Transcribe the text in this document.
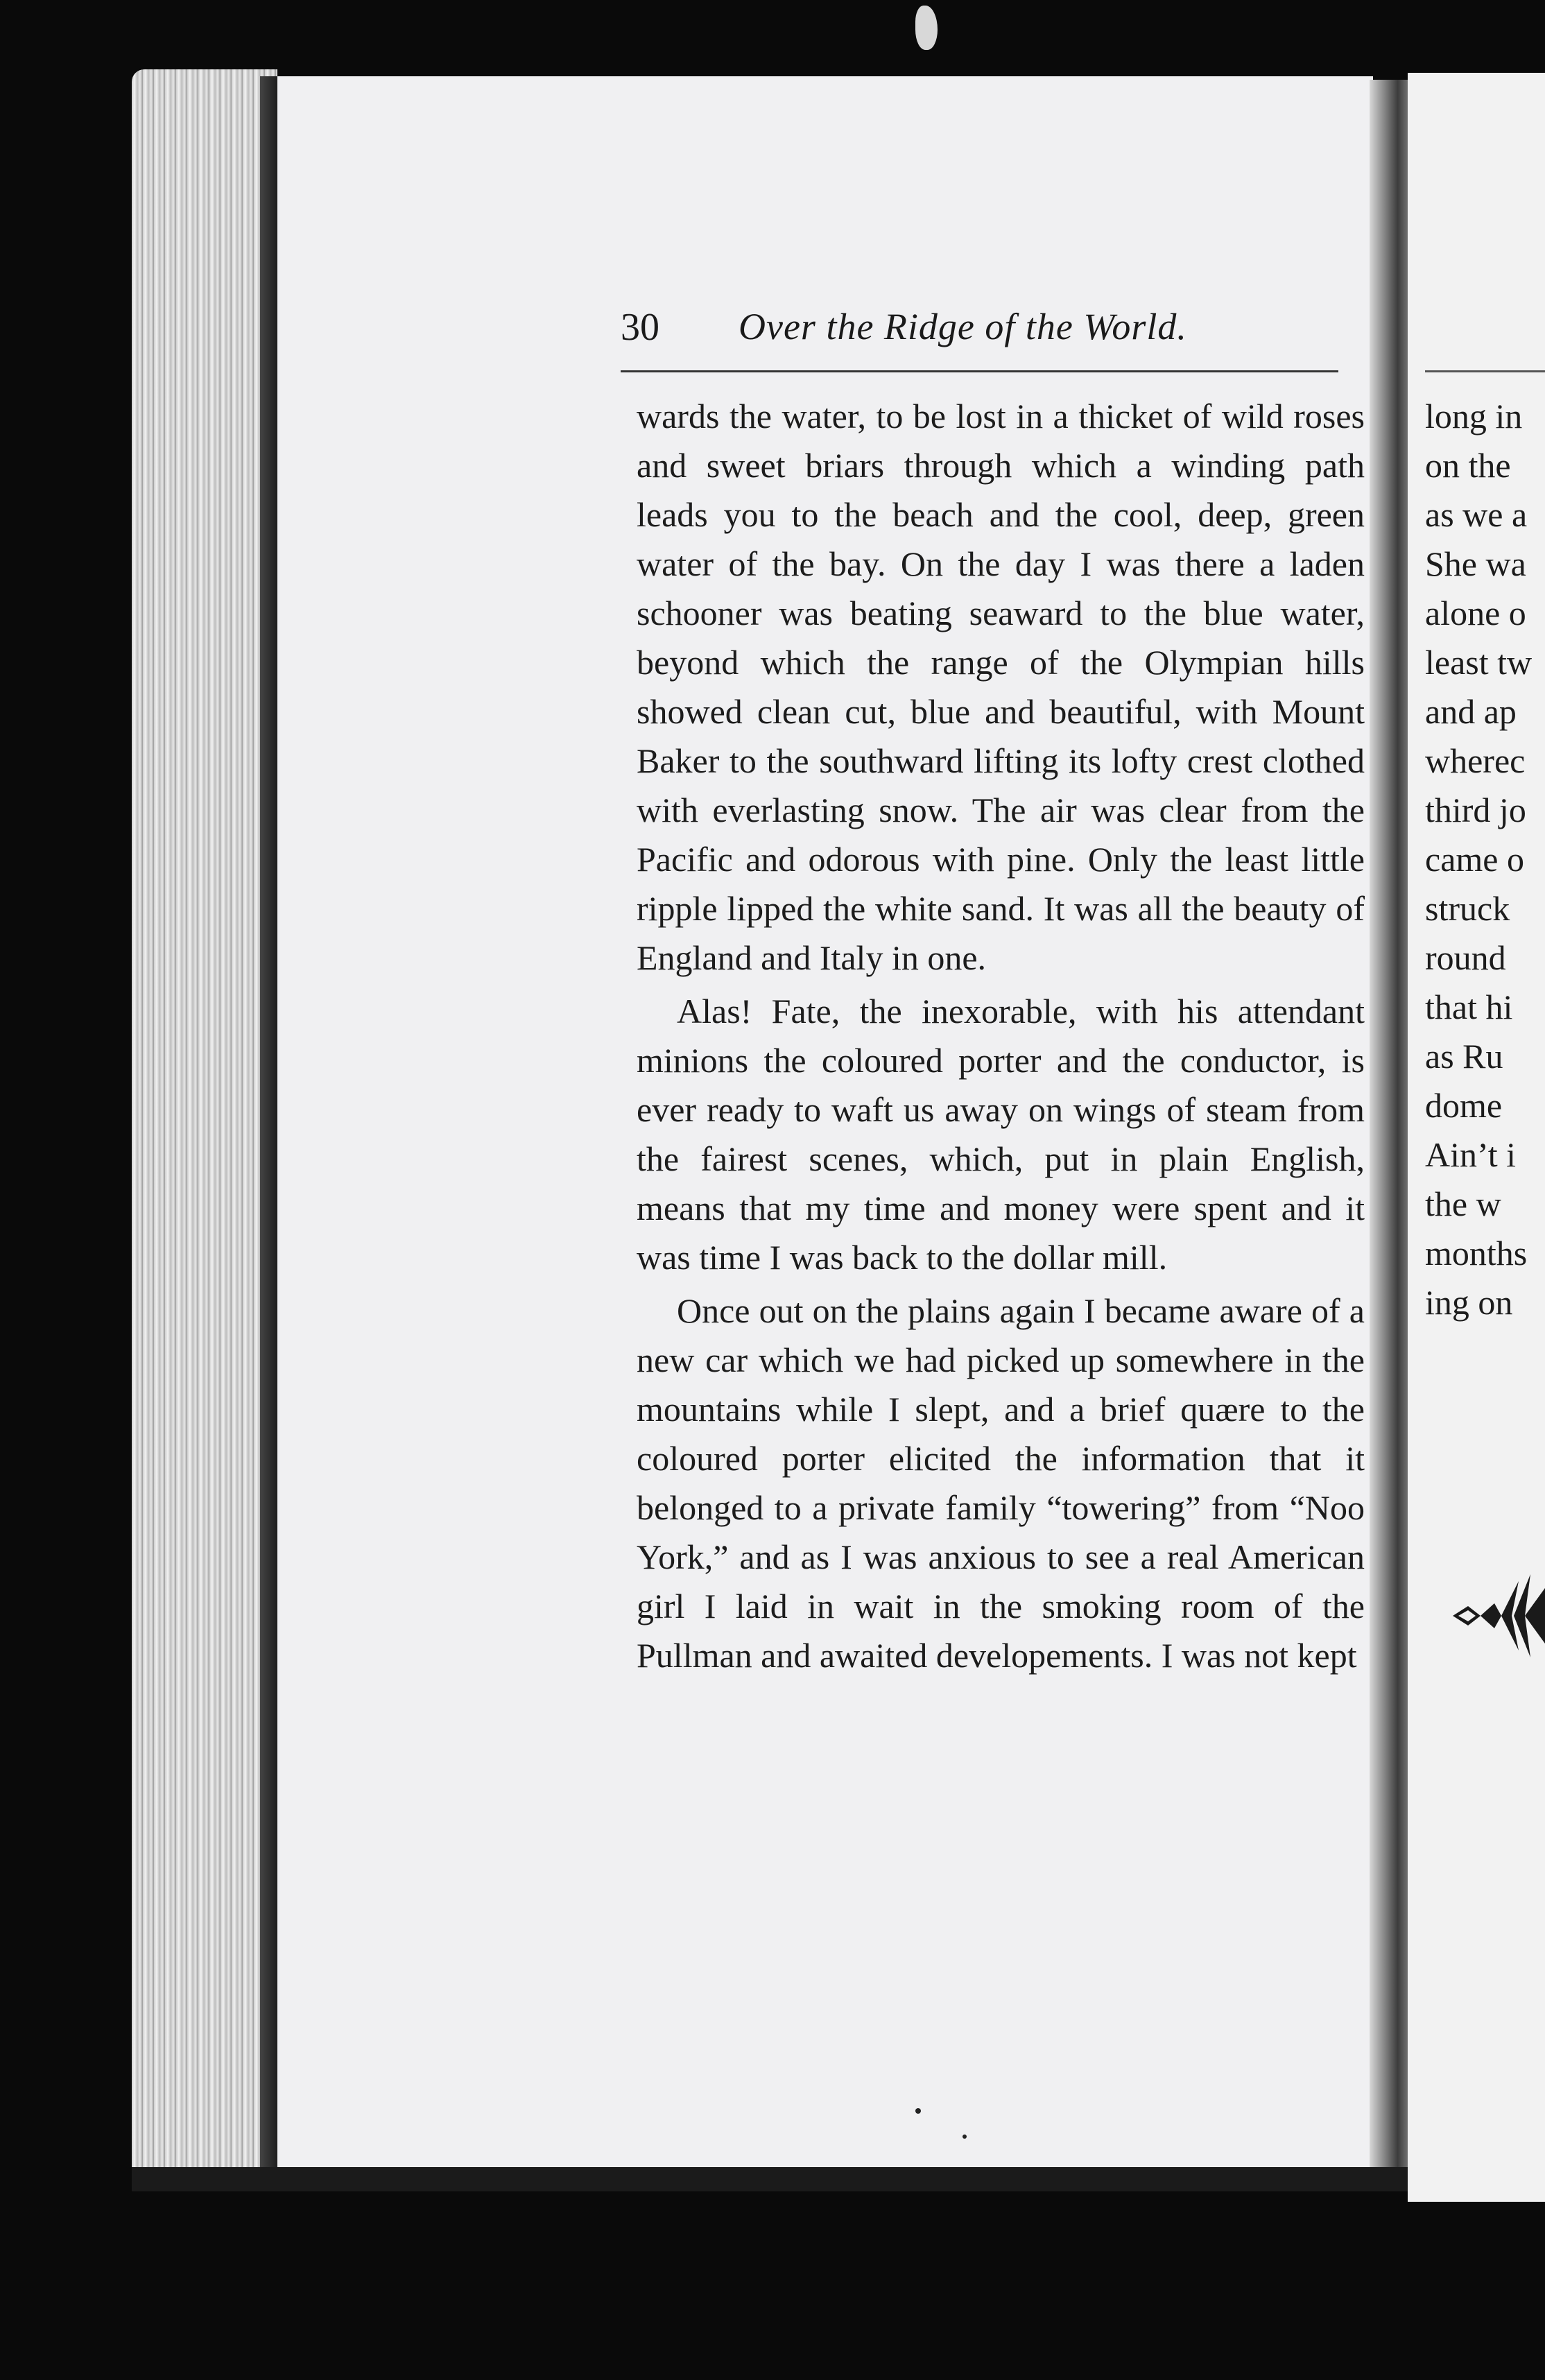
30 Over the Ridge of the World.

wards the water, to be lost in a thicket of wild roses and sweet briars through which a winding path leads you to the beach and the cool, deep, green water of the bay. On the day I was there a laden schooner was beating seaward to the blue water, beyond which the range of the Olympian hills showed clean cut, blue and beautiful, with Mount Baker to the southward lifting its lofty crest clothed with everlasting snow. The air was clear from the Pacific and odorous with pine. Only the least little ripple lipped the white sand. It was all the beauty of England and Italy in one.

Alas! Fate, the inexorable, with his attendant minions the coloured porter and the conductor, is ever ready to waft us away on wings of steam from the fairest scenes, which, put in plain English, means that my time and money were spent and it was time I was back to the dollar mill.

Once out on the plains again I became aware of a new car which we had picked up somewhere in the mountains while I slept, and a brief quære to the coloured porter elicited the information that it belonged to a private family “towering” from “Noo York,” and as I was anxious to see a real American girl I laid in wait in the smoking room of the Pullman and awaited developements. I was not kept

long in
on the
as we a
She wa
alone o
least tw
and ap
wherec
third jo
came o
struck
round
that hi
as Ru
dome
Ain’t i
the w
months
ing on
